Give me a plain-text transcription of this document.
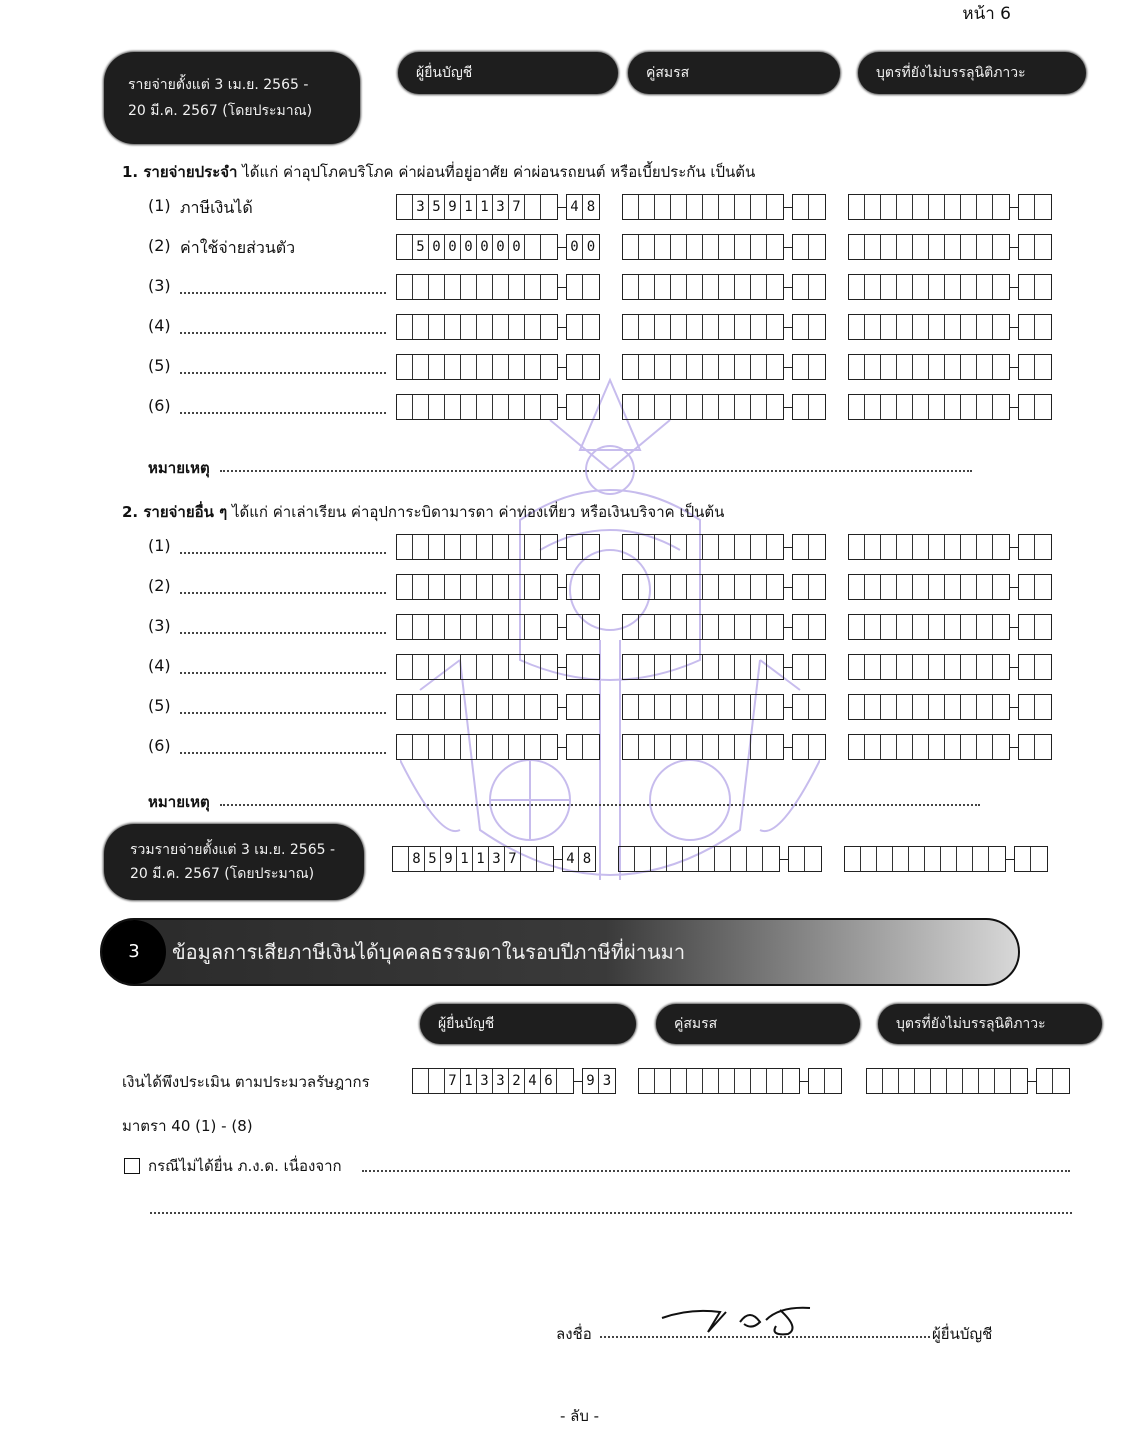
หน้า 6
รายจ่ายตั้งแต่ 3 เม.ย. 2565 -
20 มี.ค. 2567 (โดยประมาณ)
ผู้ยื่นบัญชี	คู่สมรส	บุตรที่ยังไม่บรรลุนิติภาวะ
1. รายจ่ายประจำ ได้แก่ ค่าอุปโภคบริโภค ค่าผ่อนที่อยู่อาศัย ค่าผ่อนรถยนต์ หรือเบี้ยประกัน เป็นต้น
(1) ภาษีเงินได้	3 5 9 1 1 3 7	4 8
(2) ค่าใช้จ่ายส่วนตัว	5 0 0 0 0 0 0	0 0
(3)
(4)
(5)
(6)
หมายเหตุ
2. รายจ่ายอื่น ๆ ได้แก่ ค่าเล่าเรียน ค่าอุปการะบิดามารดา ค่าท่องเที่ยว หรือเงินบริจาค เป็นต้น
(1)
(2)
(3)
(4)
(5)
(6)
หมายเหตุ
รวมรายจ่ายตั้งแต่ 3 เม.ย. 2565 -
20 มี.ค. 2567 (โดยประมาณ)
8 5 9 1 1 3 7	4 8
3	ข้อมูลการเสียภาษีเงินได้บุคคลธรรมดาในรอบปีภาษีที่ผ่านมา
ผู้ยื่นบัญชี	คู่สมรส	บุตรที่ยังไม่บรรลุนิติภาวะ
เงินได้พึงประเมิน ตามประมวลรัษฎากร
มาตรา 40 (1) - (8)
7 1 3 3 2 4 6	9 3
กรณีไม่ได้ยื่น ภ.ง.ด. เนื่องจาก
ลงชื่อ	ผู้ยื่นบัญชี
- ลับ -
